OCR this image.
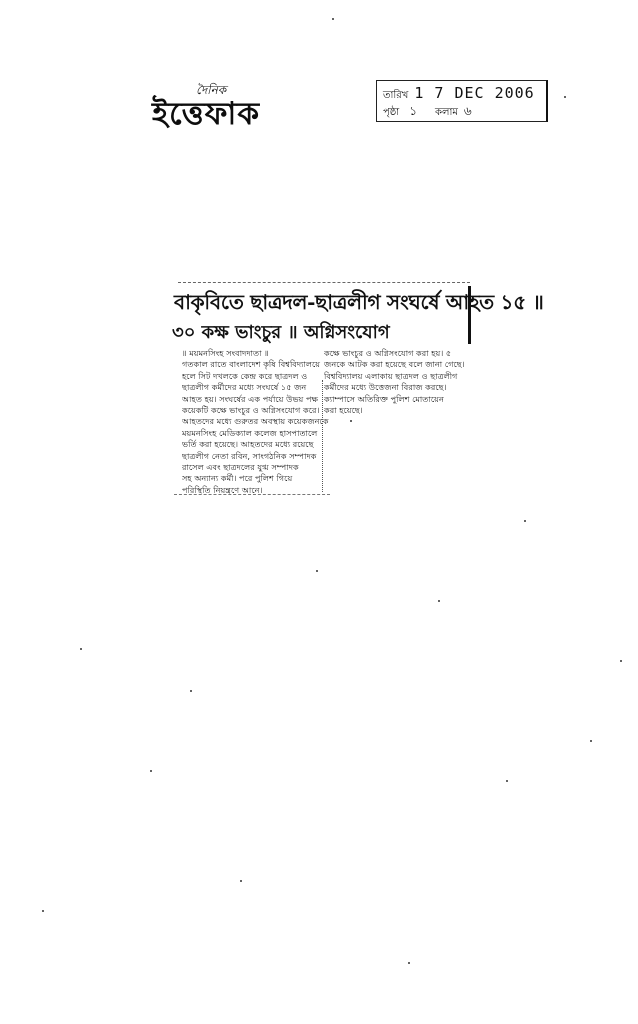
দৈনিক
ইত্তেফাক
তারিখ 1 7 DEC 2006
পৃষ্ঠা ১ কলাম ৬
বাকৃবিতে ছাত্রদল-ছাত্রলীগ সংঘর্ষে আহত ১৫ ॥
৩০ কক্ষ ভাংচুর ॥ অগ্নিসংযোগ

॥ ময়মনসিংহ সংবাদদাতা ॥

গতকাল রাতে বাংলাদেশ কৃষি বিশ্ববিদ্যালয়ে

হলে সিট দখলকে কেন্দ্র করে ছাত্রদল ও

ছাত্রলীগ কর্মীদের মধ্যে সংঘর্ষে ১৫ জন

আহত হয়। সংঘর্ষের এক পর্যায়ে উভয় পক্ষ

কয়েকটি কক্ষে ভাংচুর ও অগ্নিসংযোগ করে।

আহতদের মধ্যে গুরুতর অবস্থায় কয়েকজনকে

ময়মনসিংহ মেডিক্যাল কলেজ হাসপাতালে

ভর্তি করা হয়েছে। আহতদের মধ্যে রয়েছে

ছাত্রলীগ নেতা রবিন, সাংগঠনিক সম্পাদক

রাসেল এবং ছাত্রদলের যুগ্ম সম্পাদক

সহ অন্যান্য কর্মী। পরে পুলিশ গিয়ে

পরিস্থিতি নিয়ন্ত্রণে আনে।

কক্ষে ভাংচুর ও অগ্নিসংযোগ করা হয়। ৫

জনকে আটক করা হয়েছে বলে জানা গেছে।

বিশ্ববিদ্যালয় এলাকায় ছাত্রদল ও ছাত্রলীগ

কর্মীদের মধ্যে উত্তেজনা বিরাজ করছে।

ক্যাম্পাসে অতিরিক্ত পুলিশ মোতায়েন

করা হয়েছে।
